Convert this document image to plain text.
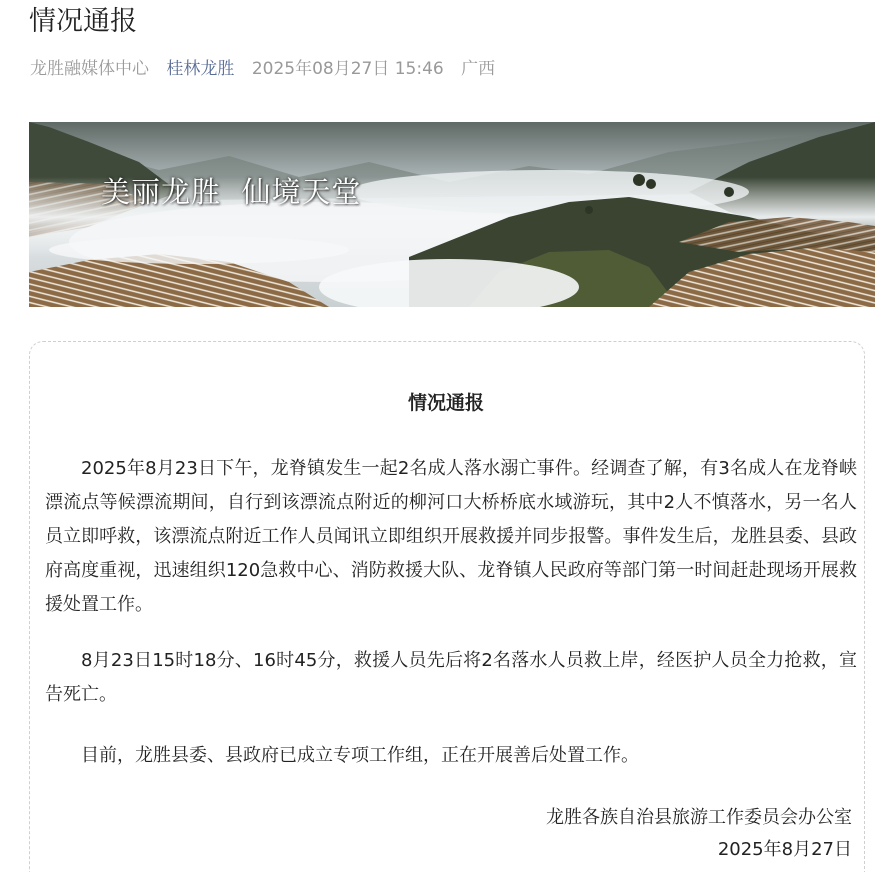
情况通报
龙胜融媒体中心 桂林龙胜 2025年08月27日 15:46 广西
美丽龙胜  仙境天堂
情况通报

2025年8月23日下午，龙脊镇发生一起2名成人落水溺亡事件。经调查了解，有3名成人在龙脊峡漂流点等候漂流期间，自行到该漂流点附近的柳河口大桥桥底水域游玩，其中2人不慎落水，另一名人员立即呼救，该漂流点附近工作人员闻讯立即组织开展救援并同步报警。事件发生后，龙胜县委、县政府高度重视，迅速组织120急救中心、消防救援大队、龙脊镇人民政府等部门第一时间赶赴现场开展救援处置工作。

8月23日15时18分、16时45分，救援人员先后将2名落水人员救上岸，经医护人员全力抢救，宣告死亡。

目前，龙胜县委、县政府已成立专项工作组，正在开展善后处置工作。

龙胜各族自治县旅游工作委员会办公室
2025年8月27日
